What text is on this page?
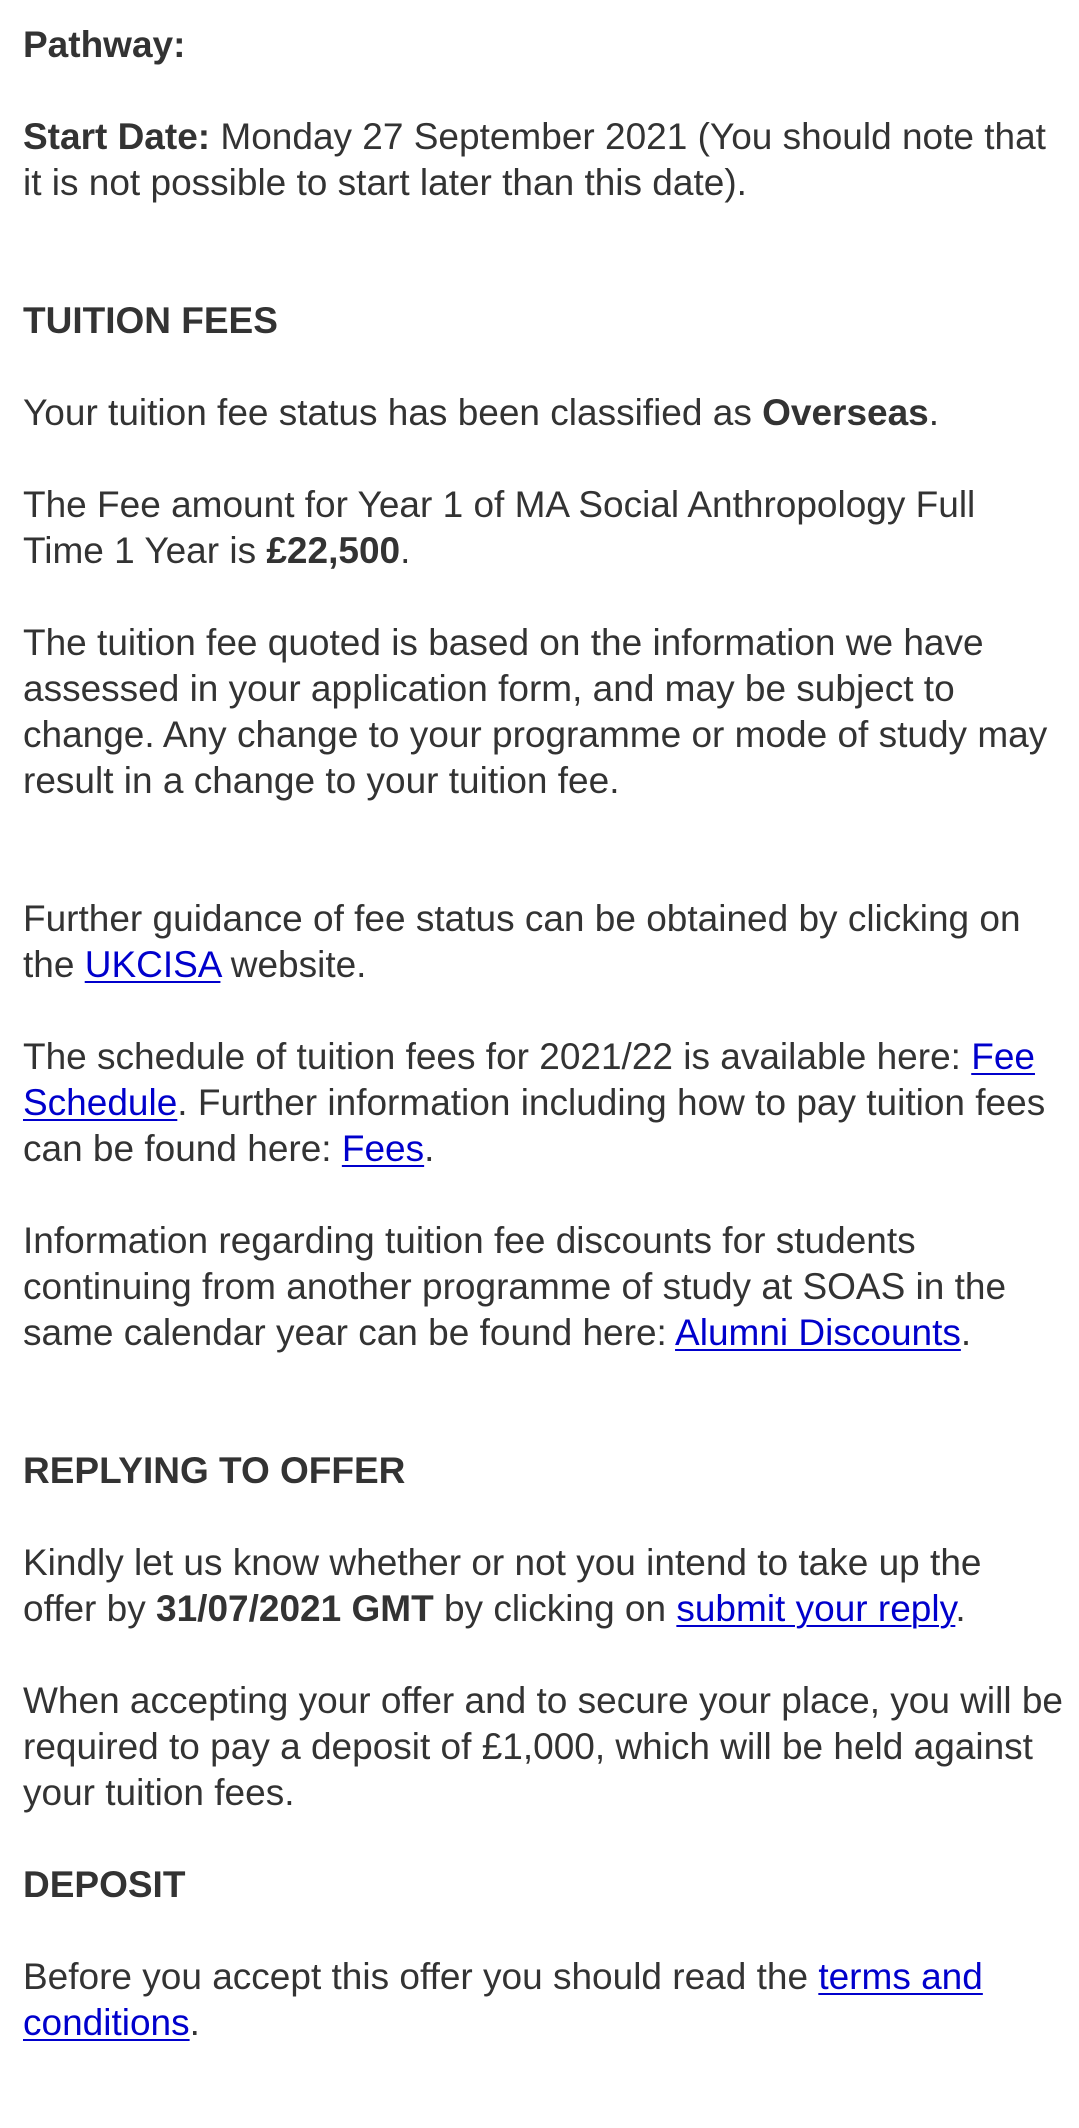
Pathway:

Start Date: Monday 27 September 2021 (You should note that it is not possible to start later than this date).

TUITION FEES

Your tuition fee status has been classified as Overseas.

The Fee amount for Year 1 of MA Social Anthropology Full Time 1 Year is £22,500.

The tuition fee quoted is based on the information we have assessed in your application form, and may be subject to change. Any change to your programme or mode of study may result in a change to your tuition fee.

Further guidance of fee status can be obtained by clicking on the UKCISA website.

The schedule of tuition fees for 2021/22 is available here: Fee Schedule. Further information including how to pay tuition fees can be found here: Fees.

Information regarding tuition fee discounts for students continuing from another programme of study at SOAS in the same calendar year can be found here: Alumni Discounts.

REPLYING TO OFFER

Kindly let us know whether or not you intend to take up the offer by 31/07/2021 GMT by clicking on submit your reply.

When accepting your offer and to secure your place, you will be required to pay a deposit of £1,000, which will be held against your tuition fees.

DEPOSIT

Before you accept this offer you should read the terms and conditions.
